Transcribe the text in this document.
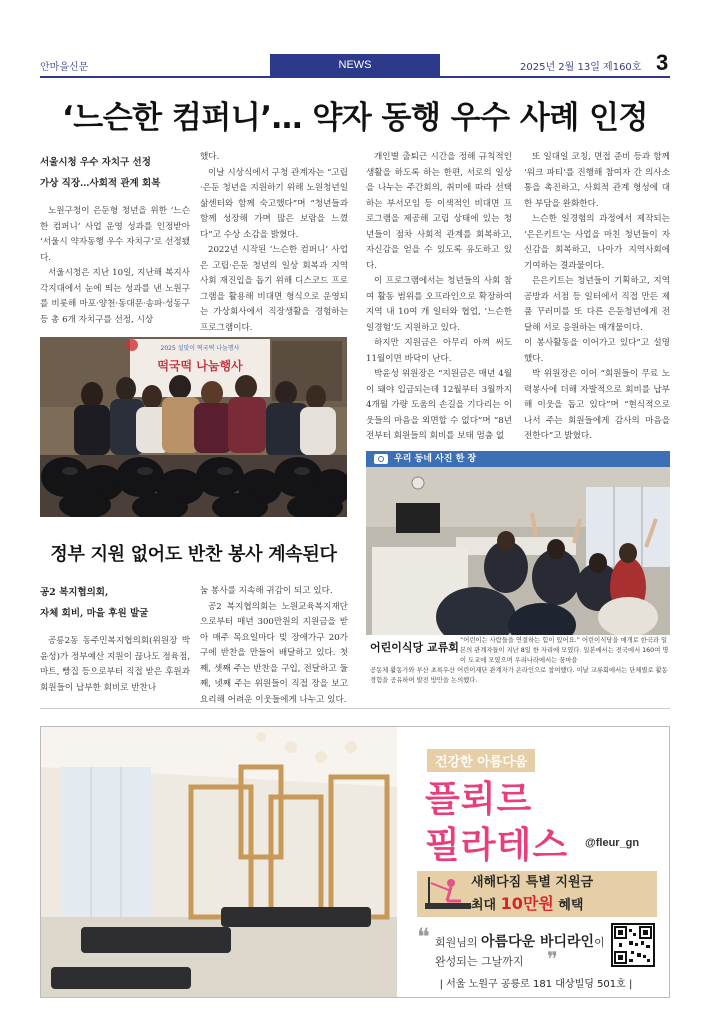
안마을신문	NEWS	2025년 2월 13일 제160호 3
‘느슨한 컴퍼니’… 약자 동행 우수 사례 인정
서울시청 우수 자치구 선정
가상 직장…사회적 관계 회복
노원구청이 은둔형 청년을 위한 ‘느슨한 컴퍼니’ 사업 운영 성과를 인정받아 ‘서울시 약자동행 우수 자치구’로 선정됐다.
서울시청은 지난 10일, 지난해 복지사각지대에서 눈에 띄는 성과를 낸 노원구를 비롯해 마포·양천·동대문·송파·성동구 등 총 6개 자치구를 선정, 시상
했다.
이날 시상식에서 구청 관계자는 “고립·은둔 청년을 지원하기 위해 노원청년일삶센터와 함께 숙고했다”며 “청년들과 함께 성장해 가며 많은 보람을 느꼈다”고 수상 소감을 밝혔다.
2022년 시작된 ‘느슨한 컴퍼니’ 사업은 고립·은둔 청년의 일상 회복과 지역사회 재진입을 돕기 위해 디스코드 프로그램을 활용해 비대면 형식으로 운영되는 가상회사에서 직장생활을 경험하는 프로그램이다.
개인별 출퇴근 시간을 정해 규칙적인 생활을 하도록 하는 한편, 서로의 일상을 나누는 주간회의, 취미에 따라 선택하는 부서모임 등 이색적인 비대면 프로그램을 제공해 고립 상태에 있는 청년들이 점차 사회적 관계를 회복하고, 자신감을 얻을 수 있도록 유도하고 있다.
이 프로그램에서는 청년들의 사회 참여 활동 범위를 오프라인으로 확장하여 지역 내 10여 개 일터와 협업, ‘느슨한 일경험’도 지원하고 있다.
또 일대일 코칭, 면접 준비 등과 함께 ‘워크 파티’를 진행해 참여자 간 의사소통을 촉진하고, 사회적 관계 형성에 대한 부담을 완화한다.
느슨한 일경험의 과정에서 제작되는 ‘은은키트’는 사업을 마친 청년들이 자신감을 회복하고, 나아가 지역사회에 기여하는 결과물이다.
은은키트는 청년들이 기획하고, 지역 공방과 서점 등 일터에서 직접 만든 제품 꾸러미를 또 다른 은둔청년에게 전달해 서로 응원하는 매개물이다.
2025 설맞이 떡국떡 나눔행사
떡국떡 나눔행사
정부 지원 없어도 반찬 봉사 계속된다
공2 복지협의회,
자체 회비, 마을 후원 발굴
공릉2동 동주민복지협의회(위원장 박윤성)가 정부예산 지원이 끊나도 정육점, 마트, 빵집 등으로부터 직접 받은 후원과 회원들이 납부한 회비로 반찬나
눔 봉사를 지속해 귀감이 되고 있다.
공2 복지협의회는 노원교육복지재단으로부터 매년 300만원의 지원금을 받아 매주 목요일마다 빚 장애가구 20가구에 반찬을 만들어 배달하고 있다. 첫째, 셋째 주는 반찬을 구입, 전달하고 둘째, 넷째 주는 위원들이 직접 장을 보고 요리해 어려운 이웃들에게 나누고 있다.
하지만 지원금은 아무리 아껴 써도 11월이면 바닥이 난다.
박윤성 위원장은 “지원금은 매년 4월이 돼야 입금되는데 12월부터 3월까지 4개월 가량 도움의 손길을 기다리는 이웃들의 마음을 외면할 수 없다”며 “8년 전부터 회원들의 회비를 보태 멈춤 없
이 봉사활동을 이어가고 있다”고 설명했다.
박 위원장은 이어 “회원들이 무료 노력봉사에 더해 자발적으로 회비를 납부해 이웃을 돕고 있다”며 “현식적으로 나서 주는 회원들에게 감사의 마음을 전한다”고 밝혔다.
우리 동네 사진 한 장
어린이식당 교류회
“어린이는 사람들을 연결하는 힘이 있어요.” 어린이식당을 매개로 한국과 일본의 관계자들이 지난 8일 한 자리에 모였다. 일본에서는 전국에서 160여 명이 도교에 모였으며 우리나라에서는 꿈마을
공동체 활동가와 부산 초록우산 어린이재단 관계자가 온라인으로 참여했다. 이날 교류회에서는 단체별로 활동 경험을 공유하며 발전 방안을 논의했다.
건강한 아름다움
플뢰르
필라테스 @fleur_gn
새해다짐 특별 지원금
최대 10만원 혜택
❝ 회원님의 아름다운 바디라인이
완성되는 그날까지 ❞
| 서울 노원구 공릉로 181 대상빌딩 501호 |
